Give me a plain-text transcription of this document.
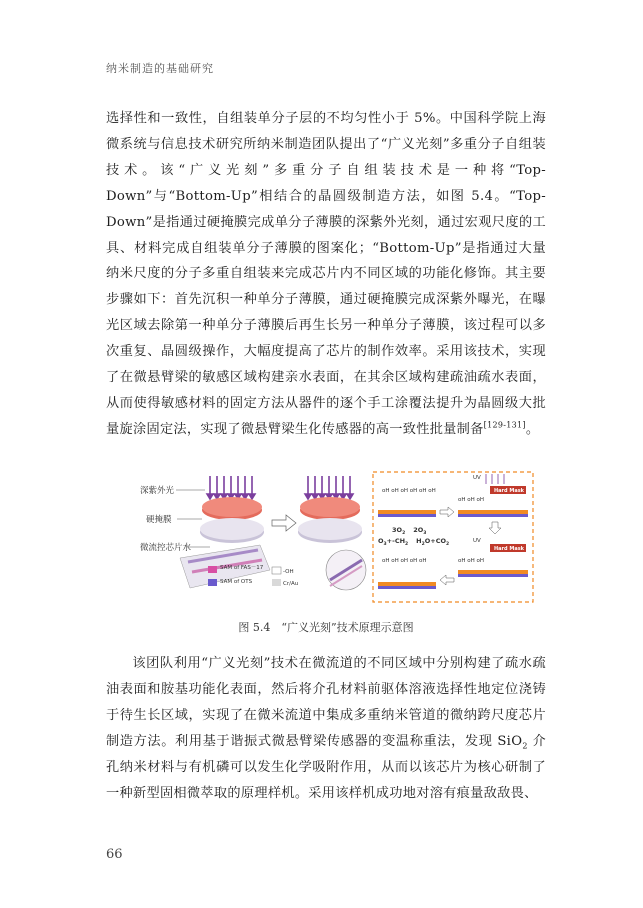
纳米制造的基础研究

选择性和一致性，自组装单分子层的不均匀性小于 5%。中国科学院上海微系统与信息技术研究所纳米制造团队提出了“广义光刻”多重分子自组装技术。该“广义光刻”多重分子自组装技术是一种将“Top-Down”与“Bottom-Up”相结合的晶圆级制造方法，如图 5.4。“Top-Down”是指通过硬掩膜完成单分子薄膜的深紫外光刻，通过宏观尺度的工具、材料完成自组装单分子薄膜的图案化；“Bottom-Up”是指通过大量纳米尺度的分子多重自组装来完成芯片内不同区域的功能化修饰。其主要步骤如下：首先沉积一种单分子薄膜，通过硬掩膜完成深紫外曝光，在曝光区域去除第一种单分子薄膜后再生长另一种单分子薄膜，该过程可以多次重复、晶圆级操作，大幅度提高了芯片的制作效率。采用该技术，实现了在微悬臂梁的敏感区域构建亲水表面，在其余区域构建疏油疏水表面，从而使得敏感材料的固定方法从器件的逐个手工涂覆法提升为晶圆级大批量旋涂固定法，实现了微悬臂梁生化传感器的高一致性批量制备[129-131]。

深紫外光
硬掩膜
微流控芯片水
SAM of FAS－17
SAM of OTS
-OH
Cr/Au
oH oH oH oH oH oH
UV
Hard Mask
oH oH oH
$3O_2$ $2O_3$
$O_3+-CH_2$ $H_2O+CO_2$
UV
Hard Mask
oH oH oH
oH oH oH oH oH
图 5.4　“广义光刻”技术原理示意图

该团队利用“广义光刻”技术在微流道的不同区域中分别构建了疏水疏油表面和胺基功能化表面，然后将介孔材料前驱体溶液选择性地定位浇铸于待生长区域，实现了在微米流道中集成多重纳米管道的微纳跨尺度芯片制造方法。利用基于谐振式微悬臂梁传感器的变温称重法，发现 SiO$_2$ 介孔纳米材料与有机磷可以发生化学吸附作用，从而以该芯片为核心研制了一种新型固相微萃取的原理样机。采用该样机成功地对溶有痕量敌敌畏、

66
